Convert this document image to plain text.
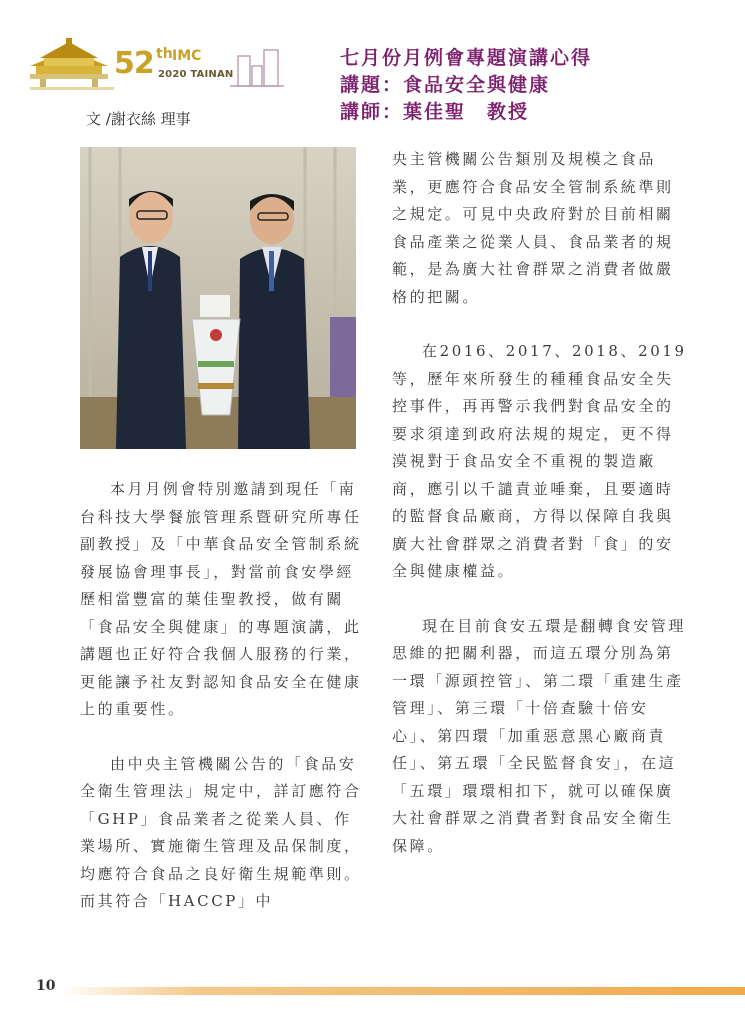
52 th IMC
2020 TAINAN
七月份月例會專題演講心得
講題：食品安全與健康
講師：葉佳聖　教授
文 /謝衣絲 理事

本月月例會特別邀請到現任「南台科技大學餐旅管理系暨研究所專任副教授」及「中華食品安全管制系統發展協會理事長」，對當前食安學經歷相當豐富的葉佳聖教授，做有關「食品安全與健康」的專題演講，此講題也正好符合我個人服務的行業，更能讓予社友對認知食品安全在健康上的重要性。

由中央主管機關公告的「食品安全衛生管理法」規定中，詳訂應符合「GHP」食品業者之從業人員、作業場所、實施衛生管理及品保制度，均應符合食品之良好衛生規範準則。而其符合「HACCP」中

央主管機關公告類別及規模之食品業，更應符合食品安全管制系統準則之規定。可見中央政府對於目前相關食品產業之從業人員、食品業者的規範，是為廣大社會群眾之消費者做嚴格的把關。

在2016、2017、2018、2019等，歷年來所發生的種種食品安全失控事件，再再警示我們對食品安全的要求須達到政府法規的規定，更不得漠視對于食品安全不重視的製造廠商，應引以千譴責並唾棄，且要適時的監督食品廠商，方得以保障自我與廣大社會群眾之消費者對「食」的安全與健康權益。

現在目前食安五環是翻轉食安管理思維的把關利器，而這五環分別為第一環「源頭控管」、第二環「重建生產管理」、第三環「十倍查驗十倍安心」、第四環「加重惡意黑心廠商責任」、第五環「全民監督食安」，在這「五環」環環相扣下，就可以確保廣大社會群眾之消費者對食品安全衛生保障。

10
